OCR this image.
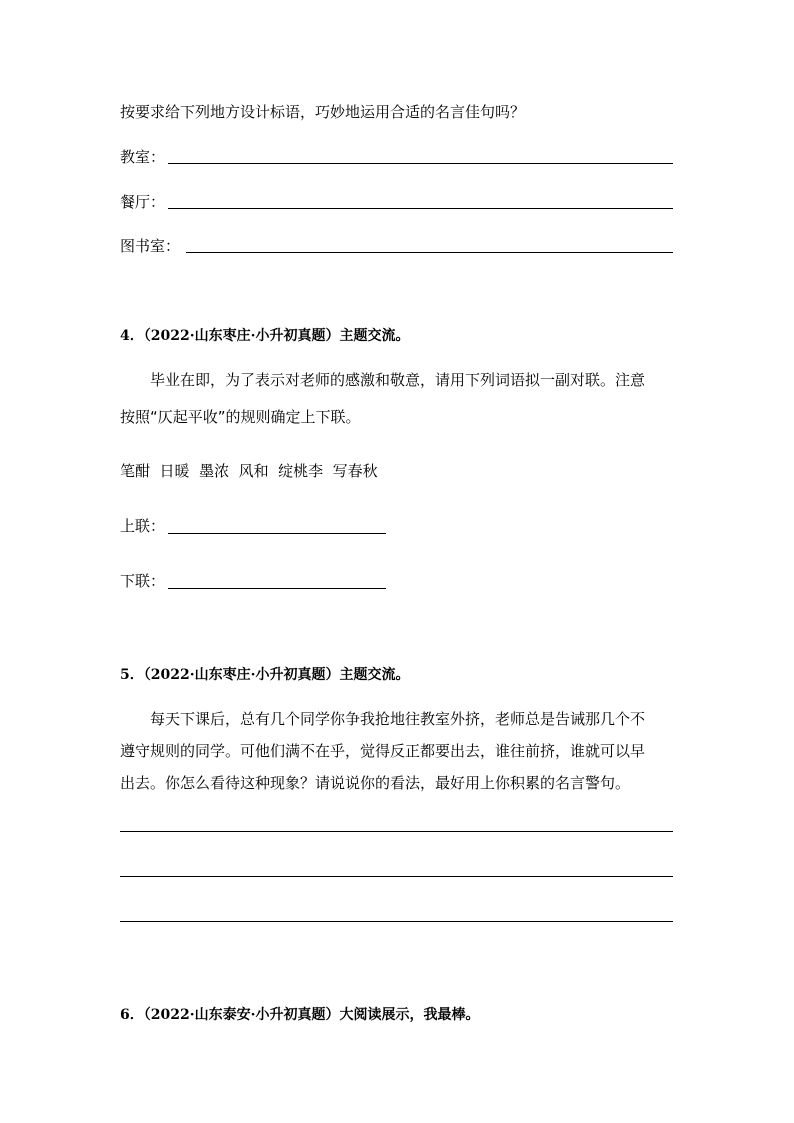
按要求给下列地方设计标语，巧妙地运用合适的名言佳句吗？
教室：
餐厅：
图书室：
4．（2022·山东枣庄·小升初真题）主题交流。
毕业在即，为了表示对老师的感激和敬意，请用下列词语拟一副对联。注意
按照“仄起平收”的规则确定上下联。
笔酣  日暖  墨浓  风和  绽桃李  写春秋
上联：
下联：
5．（2022·山东枣庄·小升初真题）主题交流。
每天下课后，总有几个同学你争我抢地往教室外挤，老师总是告诫那几个不
遵守规则的同学。可他们满不在乎，觉得反正都要出去，谁往前挤，谁就可以早
出去。你怎么看待这种现象？请说说你的看法，最好用上你积累的名言警句。
6．（2022·山东泰安·小升初真题）大阅读展示，我最棒。
